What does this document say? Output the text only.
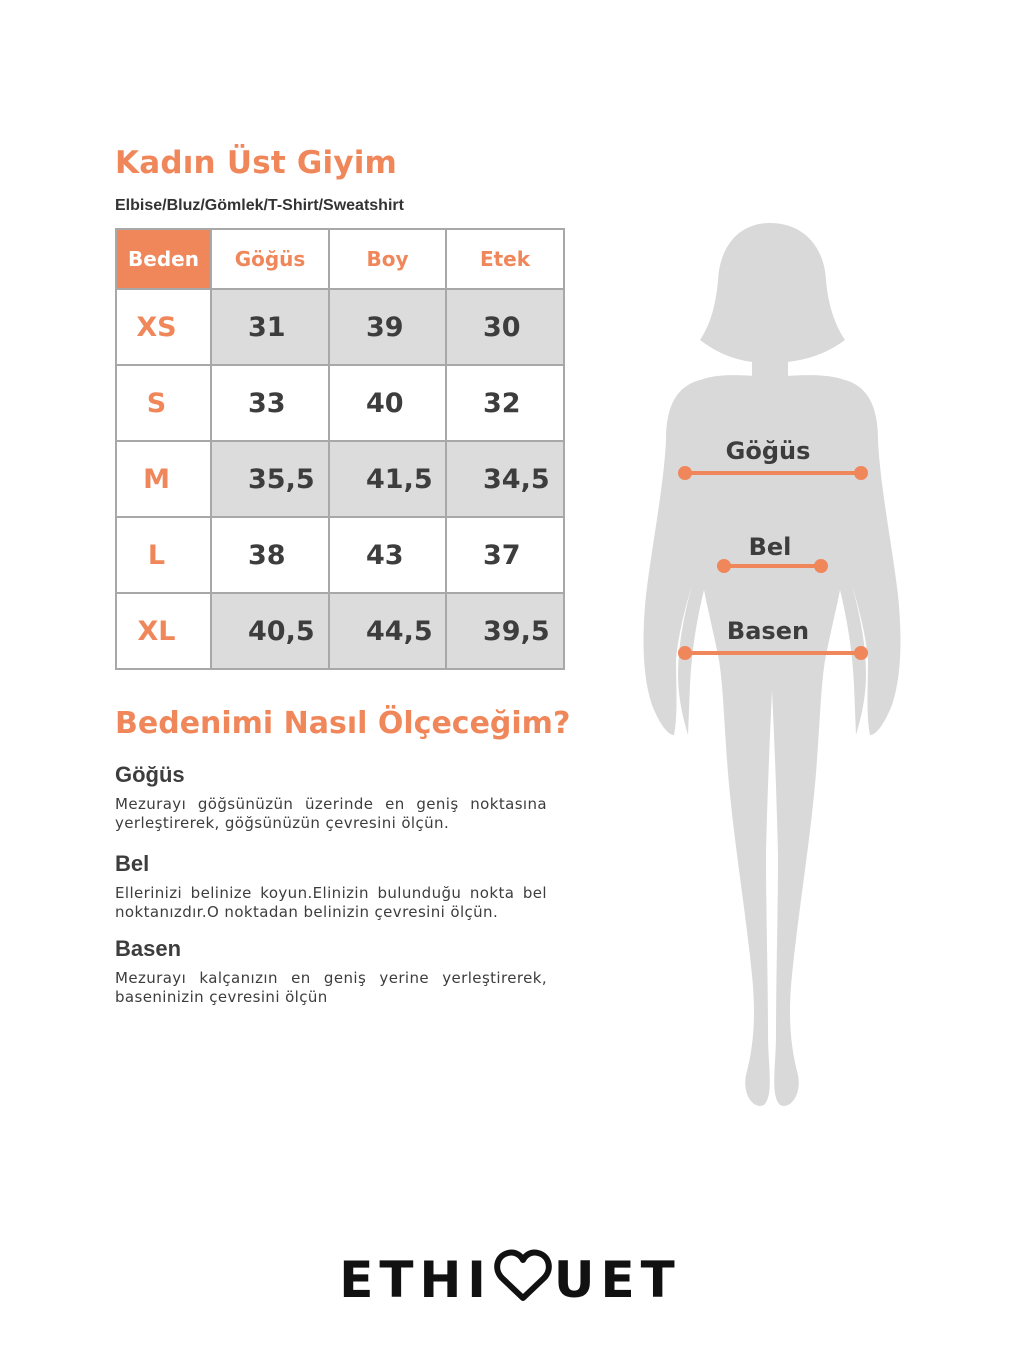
Kadın Üst Giyim
Elbise/Bluz/Gömlek/T-Shirt/Sweatshirt
Beden	Göğüs	Boy	Etek
XS	31	39	30
S	33	40	32
M	35,5	41,5	34,5
L	38	43	37
XL	40,5	44,5	39,5
Bedenimi Nasıl Ölçeceğim?
Göğüs

Mezurayı göğsünüzün üzerinde en geniş noktasına yerleştirerek, göğsünüzün çevresini ölçün.

Bel

Ellerinizi belinize koyun.Elinizin bulunduğu nokta bel noktanızdır.O noktadan belinizin çevresini ölçün.

Basen

Mezurayı kalçanızın en geniş yerine yerleştirerek, baseninizin çevresini ölçün

Göğüs
Bel
Basen
ETHI UET
